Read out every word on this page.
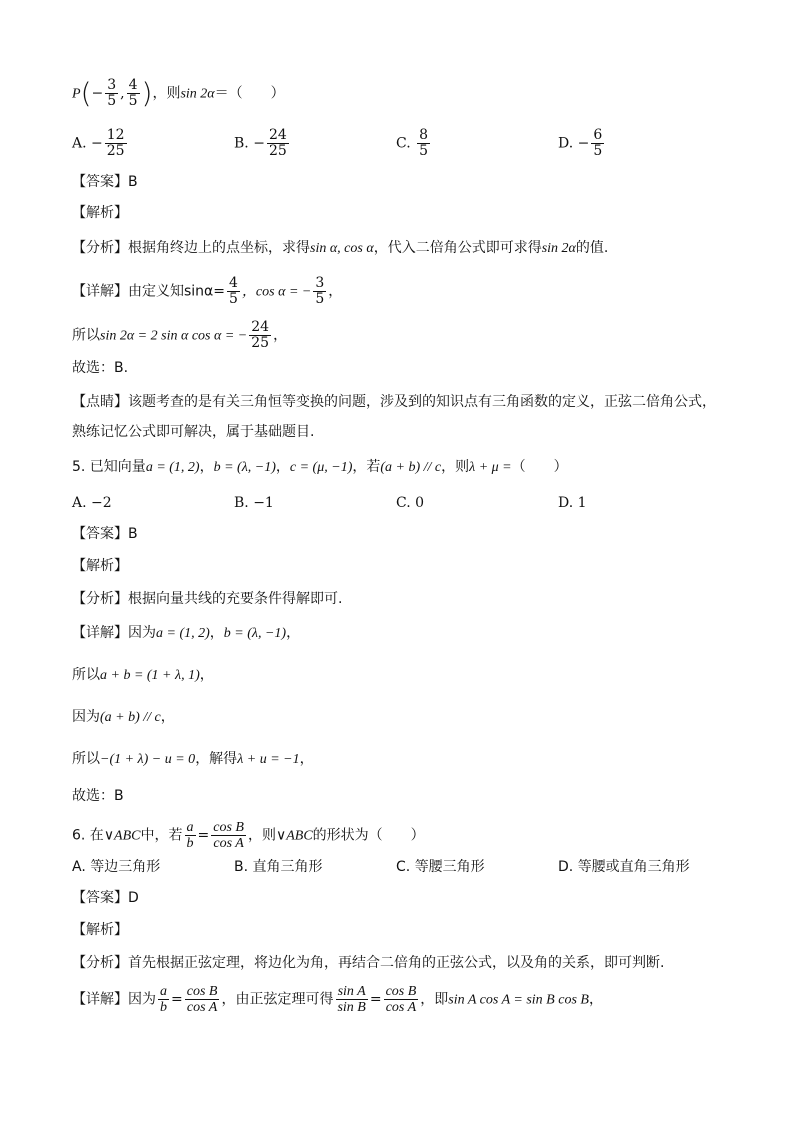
$P(- \frac{3}{5}$ , $\frac{4}{5}$ )，则sin 2α＝（　　）
A. − $\frac{12}{25}$	B. − $\frac{24}{25}$	C. $\frac{8}{5}$	D. − $\frac{6}{5}$
【答案】B
【解析】
【分析】根据角终边上的点坐标，求得sin α, cos α，代入二倍角公式即可求得sin 2α的值.
【详解】由定义知$\sin\alpha= \frac{4}{5}$ ，cos α = − $\frac{3}{5}$ ，
所以sin 2α = 2 sin α cos α = − $\frac{24}{25}$ ，
故选：B.
【点睛】该题考查的是有关三角恒等变换的问题，涉及到的知识点有三角函数的定义，正弦二倍角公式，
熟练记忆公式即可解决，属于基础题目.
5. 已知向量a = (1, 2)，b = (λ, −1)，c = (μ, −1)，若(a + b) // c，则λ + μ =（　　）
A. −2	B. −1	C. 0	D. 1
【答案】B
【解析】
【分析】根据向量共线的充要条件得解即可.
【详解】因为a = (1, 2)，b = (λ, −1)，
所以a + b = (1 + λ, 1)，
因为(a + b) // c，
所以−(1 + λ) − u = 0，解得λ + u = −1，
故选：B
6. 在∨ABC中，若 $\frac{a}{b} = \frac{\text{cos B}}{\text{cos A}}$ ，则∨ABC的形状为（　　）
A. 等边三角形	B. 直角三角形	C. 等腰三角形	D. 等腰或直角三角形
【答案】D
【解析】
【分析】首先根据正弦定理，将边化为角，再结合二倍角的正弦公式，以及角的关系，即可判断.
【详解】因为 $\frac{a}{b} = \frac{\text{cos B}}{\text{cos A}}$ ，由正弦定理可得 $\frac{\text{sin A}}{\text{sin B}} = \frac{\text{cos B}}{\text{cos A}}$ ，即sin A cos A = sin B cos B，
